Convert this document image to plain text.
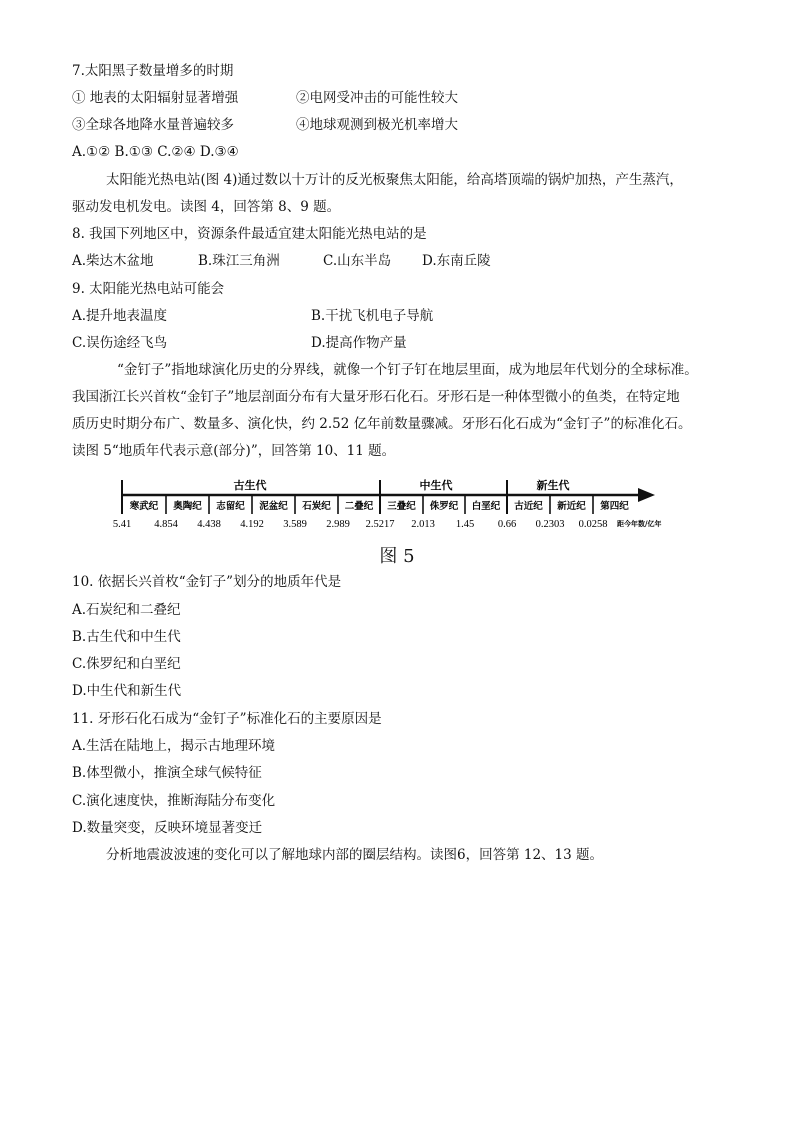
7.太阳黑子数量增多的时期
① 地表的太阳辐射显著增强	②电网受冲击的可能性较大
③全球各地降水量普遍较多	④地球观测到极光机率增大
A.①② B.①③ C.②④ D.③④
太阳能光热电站(图 4)通过数以十万计的反光板聚焦太阳能，给高塔顶端的锅炉加热，产生蒸汽，
驱动发电机发电。读图 4，回答第 8、9 题。
8. 我国下列地区中，资源条件最适宜建太阳能光热电站的是
A.柴达木盆地	B.珠江三角洲	C.山东半岛 D.东南丘陵
9. 太阳能光热电站可能会
A.提升地表温度	B.干扰飞机电子导航
C.误伤途经飞鸟	D.提高作物产量
“金钉子”指地球演化历史的分界线，就像一个钉子钉在地层里面，成为地层年代划分的全球标准。
我国浙江长兴首枚“金钉子”地层剖面分布有大量牙形石化石。牙形石是一种体型微小的鱼类，在特定地
质历史时期分布广、数量多、演化快，约 2.52 亿年前数量骤减。牙形石化石成为“金钉子”的标准化石。
读图 5“地质年代表示意(部分)”，回答第 10、11 题。
古生代	中生代	新生代
寒武纪 奥陶纪 志留纪 泥盆纪 石炭纪 二叠纪 三叠纪 侏罗纪 白垩纪 古近纪 新近纪 第四纪
5.41 4.854 4.438 4.192 3.589 2.989 2.5217 2.013 1.45 0.66 0.2303 0.0258 距今年数/亿年
图 5
10. 依据长兴首枚“金钉子”划分的地质年代是
A.石炭纪和二叠纪
B.古生代和中生代
C.侏罗纪和白垩纪
D.中生代和新生代
11. 牙形石化石成为“金钉子”标准化石的主要原因是
A.生活在陆地上，揭示古地理环境
B.体型微小，推演全球气候特征
C.演化速度快，推断海陆分布变化
D.数量突变，反映环境显著变迁
分析地震波波速的变化可以了解地球内部的圈层结构。读图6，回答第 12、13 题。
